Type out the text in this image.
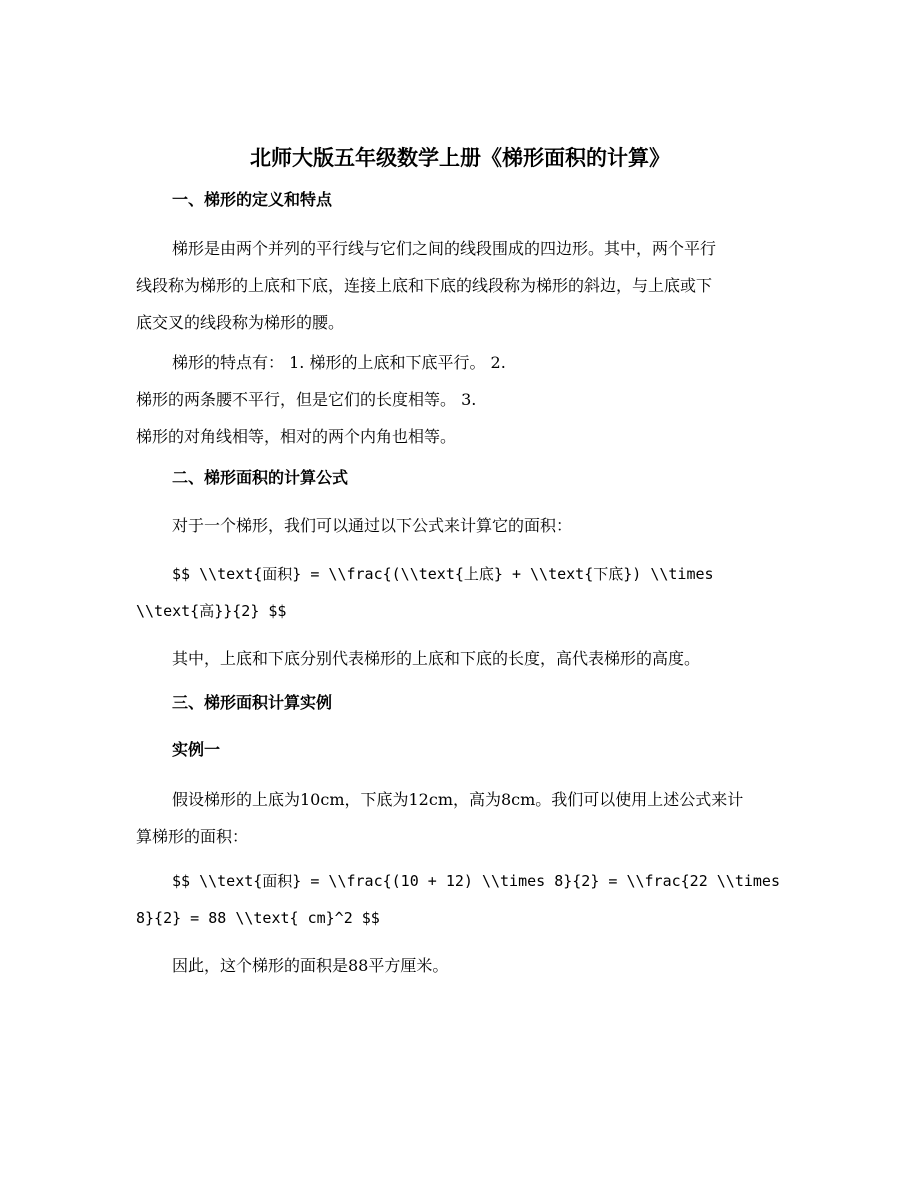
北师大版五年级数学上册《梯形面积的计算》
一、梯形的定义和特点
梯形是由两个并列的平行线与它们之间的线段围成的四边形。其中，两个平行
线段称为梯形的上底和下底，连接上底和下底的线段称为梯形的斜边，与上底或下
底交叉的线段称为梯形的腰。
梯形的特点有： 1. 梯形的上底和下底平行。 2.
梯形的两条腰不平行，但是它们的长度相等。 3.
梯形的对角线相等，相对的两个内角也相等。
二、梯形面积的计算公式
对于一个梯形，我们可以通过以下公式来计算它的面积：
$$ \\text{面积} = \\frac{(\\text{上底} + \\text{下底}) \\times
\\text{高}}{2} $$
其中，上底和下底分别代表梯形的上底和下底的长度，高代表梯形的高度。
三、梯形面积计算实例
实例一
假设梯形的上底为10cm，下底为12cm，高为8cm。我们可以使用上述公式来计
算梯形的面积：
$$ \\text{面积} = \\frac{(10 + 12) \\times 8}{2} = \\frac{22 \\times
8}{2} = 88 \\text{ cm}^2 $$
因此，这个梯形的面积是88平方厘米。
